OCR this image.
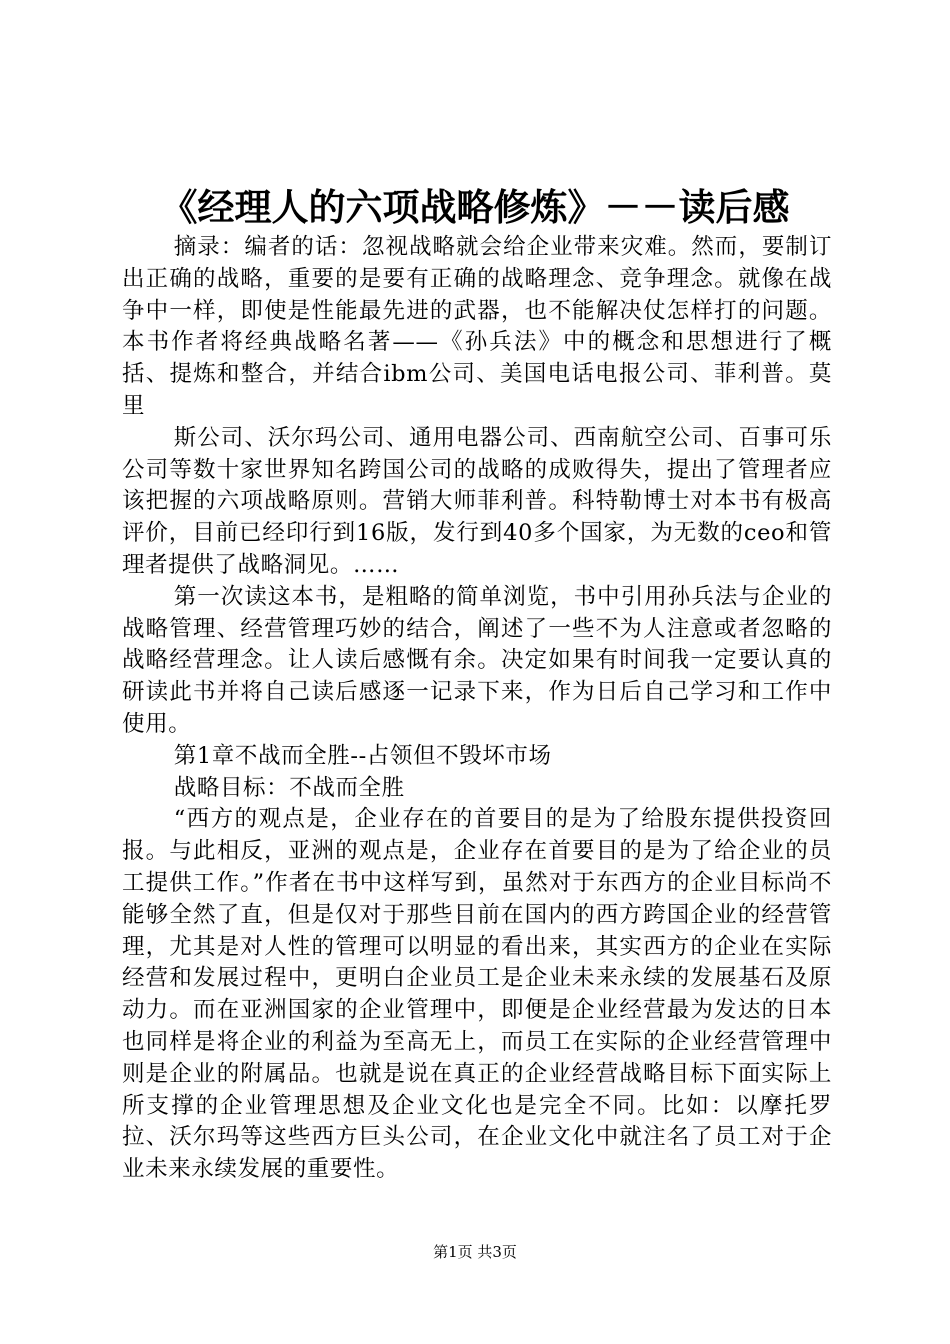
《经理人的六项战略修炼》－－读后感

摘录：编者的话：忽视战略就会给企业带来灾难。然而，要制订出正确的战略，重要的是要有正确的战略理念、竞争理念。就像在战争中一样，即使是性能最先进的武器，也不能解决仗怎样打的问题。本书作者将经典战略名著——《孙兵法》中的概念和思想进行了概括、提炼和整合，并结合ibm公司、美国电话电报公司、菲利普。莫里

斯公司、沃尔玛公司、通用电器公司、西南航空公司、百事可乐公司等数十家世界知名跨国公司的战略的成败得失，提出了管理者应该把握的六项战略原则。营销大师菲利普。科特勒博士对本书有极高评价，目前已经印行到16版，发行到40多个国家，为无数的ceo和管理者提供了战略洞见。……

第一次读这本书，是粗略的简单浏览，书中引用孙兵法与企业的战略管理、经营管理巧妙的结合，阐述了一些不为人注意或者忽略的战略经营理念。让人读后感慨有余。决定如果有时间我一定要认真的研读此书并将自己读后感逐一记录下来，作为日后自己学习和工作中使用。

第1章不战而全胜--占领但不毁坏市场

战略目标：不战而全胜

“西方的观点是，企业存在的首要目的是为了给股东提供投资回报。与此相反，亚洲的观点是，企业存在首要目的是为了给企业的员工提供工作。”作者在书中这样写到，虽然对于东西方的企业目标尚不能够全然了直，但是仅对于那些目前在国内的西方跨国企业的经营管理，尤其是对人性的管理可以明显的看出来，其实西方的企业在实际经营和发展过程中，更明白企业员工是企业未来永续的发展基石及原动力。而在亚洲国家的企业管理中，即便是企业经营最为发达的日本也同样是将企业的利益为至高无上，而员工在实际的企业经营管理中则是企业的附属品。也就是说在真正的企业经营战略目标下面实际上所支撑的企业管理思想及企业文化也是完全不同。比如：以摩托罗拉、沃尔玛等这些西方巨头公司，在企业文化中就注名了员工对于企业未来永续发展的重要性。

第1页 共3页
